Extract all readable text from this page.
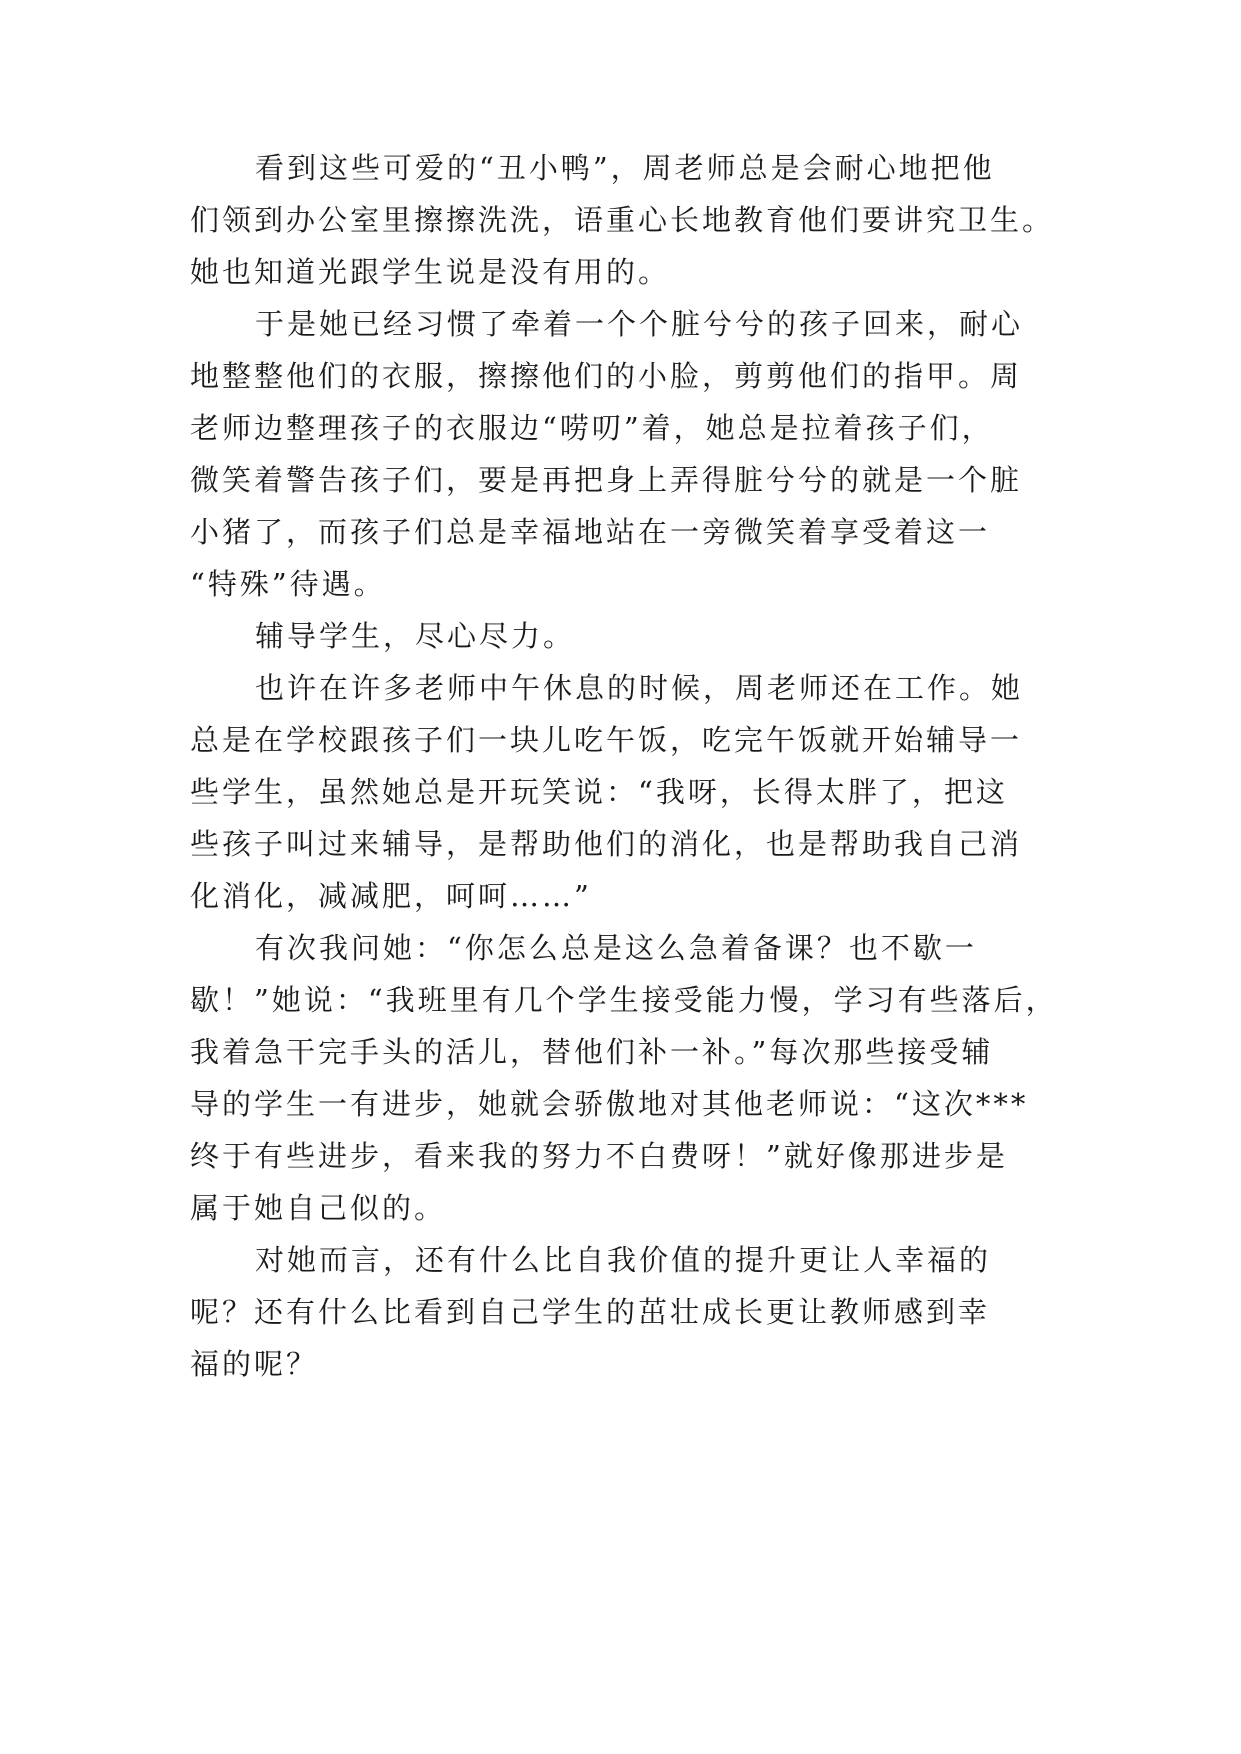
看到这些可爱的“丑小鸭”，周老师总是会耐心地把他

们领到办公室里擦擦洗洗，语重心长地教育他们要讲究卫生。

她也知道光跟学生说是没有用的。

于是她已经习惯了牵着一个个脏兮兮的孩子回来，耐心

地整整他们的衣服，擦擦他们的小脸，剪剪他们的指甲。周

老师边整理孩子的衣服边“唠叨”着，她总是拉着孩子们，

微笑着警告孩子们，要是再把身上弄得脏兮兮的就是一个脏

小猪了，而孩子们总是幸福地站在一旁微笑着享受着这一

“特殊”待遇。

辅导学生，尽心尽力。

也许在许多老师中午休息的时候，周老师还在工作。她

总是在学校跟孩子们一块儿吃午饭，吃完午饭就开始辅导一

些学生，虽然她总是开玩笑说：“我呀，长得太胖了，把这

些孩子叫过来辅导，是帮助他们的消化，也是帮助我自己消

化消化，减减肥，呵呵……”

有次我问她：“你怎么总是这么急着备课？也不歇一

歇！”她说：“我班里有几个学生接受能力慢，学习有些落后，

我着急干完手头的活儿，替他们补一补。”每次那些接受辅

导的学生一有进步，她就会骄傲地对其他老师说：“这次***

终于有些进步，看来我的努力不白费呀！”就好像那进步是

属于她自己似的。

对她而言，还有什么比自我价值的提升更让人幸福的

呢？还有什么比看到自己学生的茁壮成长更让教师感到幸

福的呢？
